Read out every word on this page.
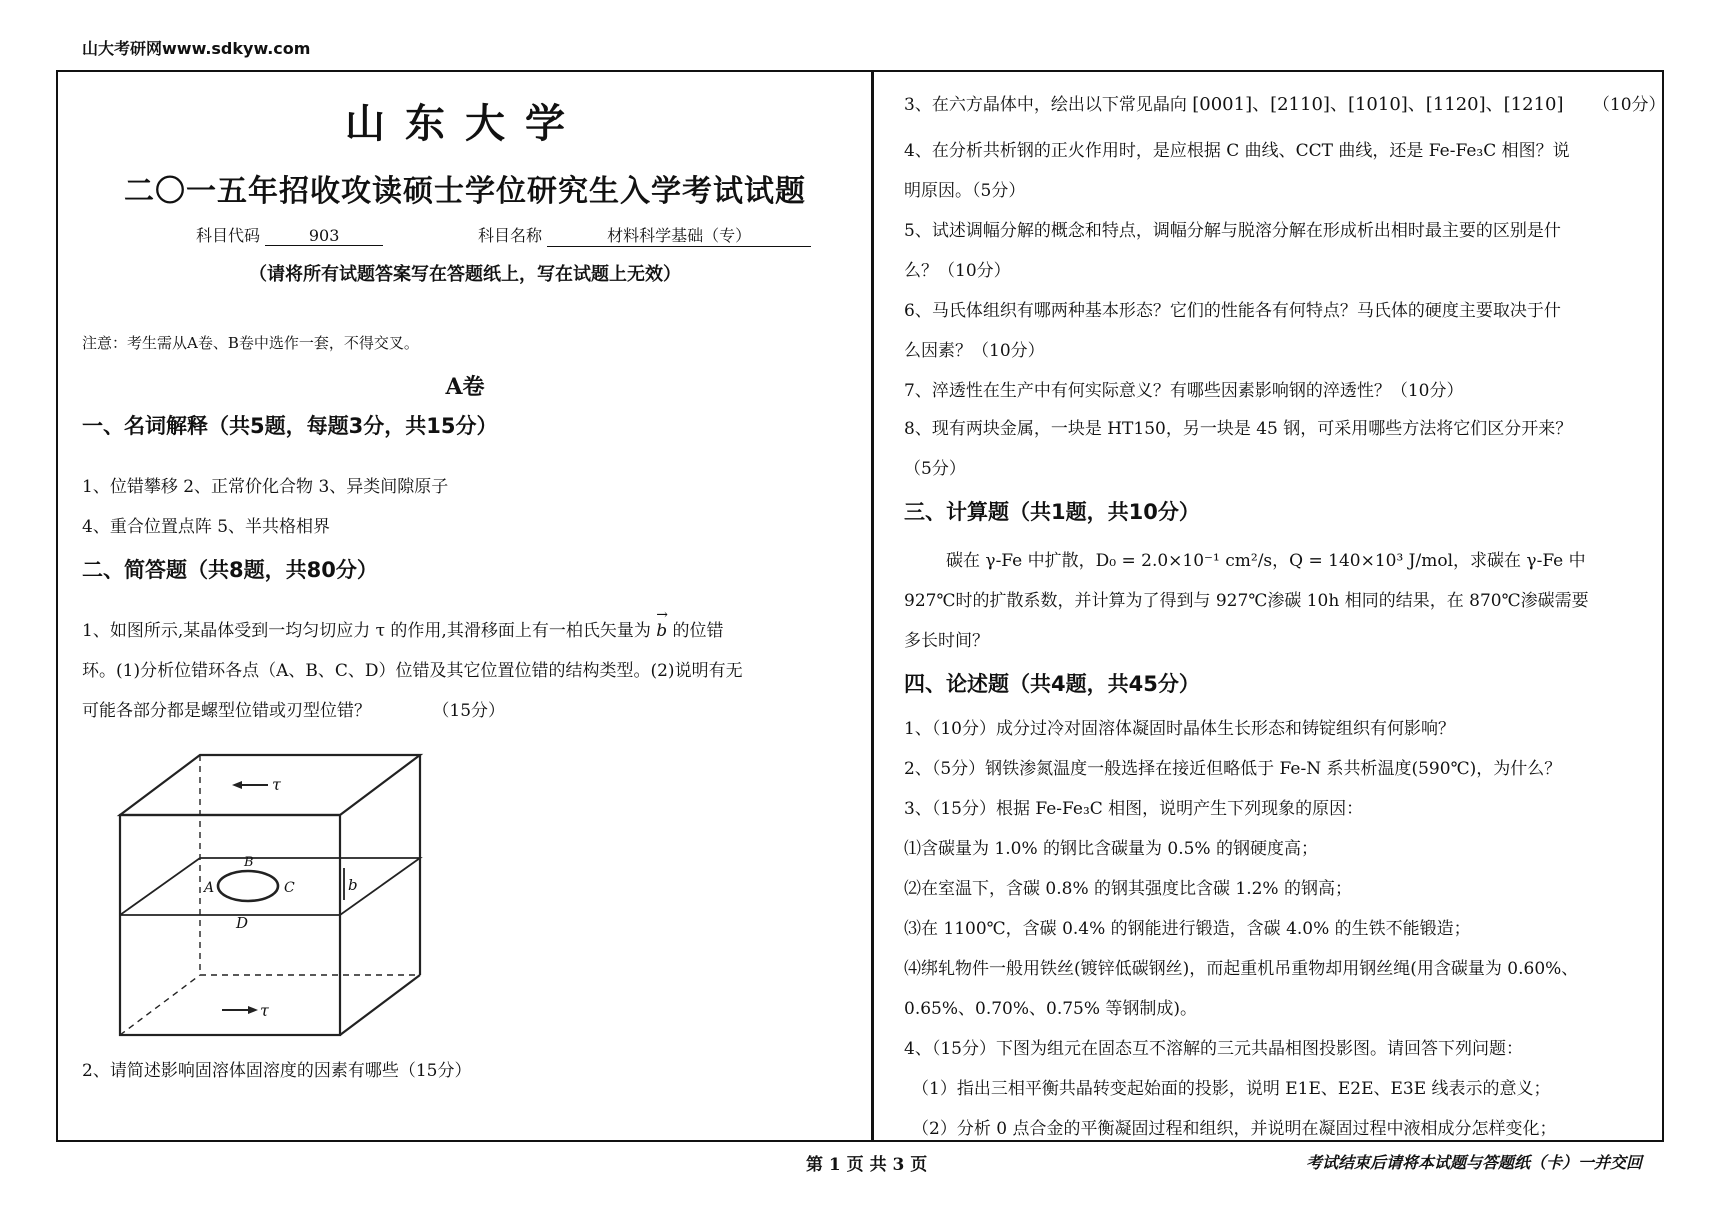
山大考研网www.sdkyw.com
山东大学
二〇一五年招收攻读硕士学位研究生入学考试试题
科目代码	903	科目名称	材料科学基础（专）
（请将所有试题答案写在答题纸上，写在试题上无效）
注意：考生需从A卷、B卷中选作一套，不得交叉。
A卷
一、名词解释（共5题，每题3分，共15分）
1、位错攀移 2、正常价化合物 3、异类间隙原子
4、重合位置点阵 5、半共格相界
二、简答题（共8题，共80分）
1、如图所示,某晶体受到一均匀切应力 τ 的作用,其滑移面上有一柏氏矢量为
→
b 的位错
环。(1)分析位错环各点（A、B、C、D）位错及其它位置位错的结构类型。(2)说明有无
可能各部分都是螺型位错或刃型位错？	（15分）
τ
τ
A
B
C
D
b
2、请简述影响固溶体固溶度的因素有哪些（15分）
3、在六方晶体中，绘出以下常见晶向 [0001]、[2110]、[1010]、[1120]、[1210] （10分）
4、在分析共析钢的正火作用时，是应根据 C 曲线、CCT 曲线，还是 Fe-Fe₃C 相图？说
明原因。（5分）
5、试述调幅分解的概念和特点，调幅分解与脱溶分解在形成析出相时最主要的区别是什
么？（10分）
6、马氏体组织有哪两种基本形态？它们的性能各有何特点？马氏体的硬度主要取决于什
么因素？（10分）
7、淬透性在生产中有何实际意义？有哪些因素影响钢的淬透性？（10分）
8、现有两块金属，一块是 HT150，另一块是 45 钢，可采用哪些方法将它们区分开来？
（5分）
三、计算题（共1题，共10分）
碳在 γ-Fe 中扩散，D₀ = 2.0×10⁻¹ cm²/s，Q = 140×10³ J/mol，求碳在 γ-Fe 中
927℃时的扩散系数，并计算为了得到与 927℃渗碳 10h 相同的结果，在 870℃渗碳需要
多长时间？
四、论述题（共4题，共45分）
1、（10分）成分过冷对固溶体凝固时晶体生长形态和铸锭组织有何影响？
2、（5分）钢铁渗氮温度一般选择在接近但略低于 Fe-N 系共析温度(590℃)，为什么？
3、（15分）根据 Fe-Fe₃C 相图，说明产生下列现象的原因：
⑴含碳量为 1.0% 的钢比含碳量为 0.5% 的钢硬度高；
⑵在室温下，含碳 0.8% 的钢其强度比含碳 1.2% 的钢高；
⑶在 1100℃，含碳 0.4% 的钢能进行锻造，含碳 4.0% 的生铁不能锻造；
⑷绑轧物件一般用铁丝(镀锌低碳钢丝)，而起重机吊重物却用钢丝绳(用含碳量为 0.60%、
0.65%、0.70%、0.75% 等钢制成)。
4、（15分）下图为组元在固态互不溶解的三元共晶相图投影图。请回答下列问题：
（1）指出三相平衡共晶转变起始面的投影，说明 E1E、E2E、E3E 线表示的意义；
（2）分析 0 点合金的平衡凝固过程和组织，并说明在凝固过程中液相成分怎样变化；
第 1 页 共 3 页	考试结束后请将本试题与答题纸（卡）一并交回
